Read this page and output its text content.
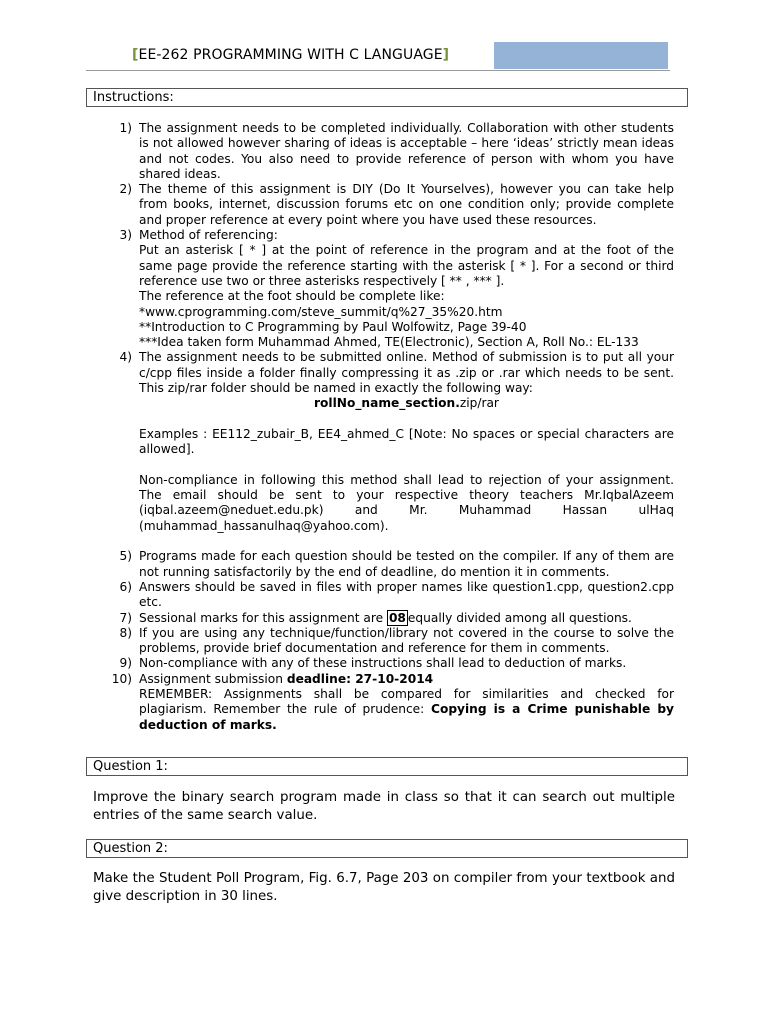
[EE-262 PROGRAMMING WITH C LANGUAGE]
Instructions:
1) The assignment needs to be completed individually. Collaboration with other students is not allowed however sharing of ideas is acceptable – here ‘ideas’ strictly mean ideas and not codes. You also need to provide reference of person with whom you have shared ideas.
2) The theme of this assignment is DIY (Do It Yourselves), however you can take help from books, internet, discussion forums etc on one condition only; provide complete and proper reference at every point where you have used these resources.
3) Method of referencing:
Put an asterisk [ * ] at the point of reference in the program and at the foot of the same page provide the reference starting with the asterisk [ * ]. For a second or third reference use two or three asterisks respectively [ ** , *** ].
The reference at the foot should be complete like:
*www.cprogramming.com/steve_summit/q%27_35%20.htm
**Introduction to C Programming by Paul Wolfowitz, Page 39-40
***Idea taken form Muhammad Ahmed, TE(Electronic), Section A, Roll No.: EL-133
4) The assignment needs to be submitted online. Method of submission is to put all your c/cpp files inside a folder finally compressing it as .zip or .rar which needs to be sent. This zip/rar folder should be named in exactly the following way:
rollNo_name_section.zip/rar
Examples : EE112_zubair_B, EE4_ahmed_C [Note: No spaces or special characters are allowed].
Non-compliance in following this method shall lead to rejection of your assignment. The email should be sent to your respective theory teachers Mr.IqbalAzeem (iqbal.azeem@neduet.edu.pk) and Mr. Muhammad Hassan ulHaq (muhammad_hassanulhaq@yahoo.com).
5) Programs made for each question should be tested on the compiler. If any of them are not running satisfactorily by the end of deadline, do mention it in comments.
6) Answers should be saved in files with proper names like question1.cpp, question2.cpp etc.
7) Sessional marks for this assignment are 08 equally divided among all questions.
8) If you are using any technique/function/library not covered in the course to solve the problems, provide brief documentation and reference for them in comments.
9) Non-compliance with any of these instructions shall lead to deduction of marks.
10) Assignment submission deadline: 27-10-2014
REMEMBER: Assignments shall be compared for similarities and checked for plagiarism. Remember the rule of prudence: Copying is a Crime punishable by deduction of marks.
Question 1:
Improve the binary search program made in class so that it can search out multiple entries of the same search value.
Question 2:
Make the Student Poll Program, Fig. 6.7, Page 203 on compiler from your textbook and give description in 30 lines.
